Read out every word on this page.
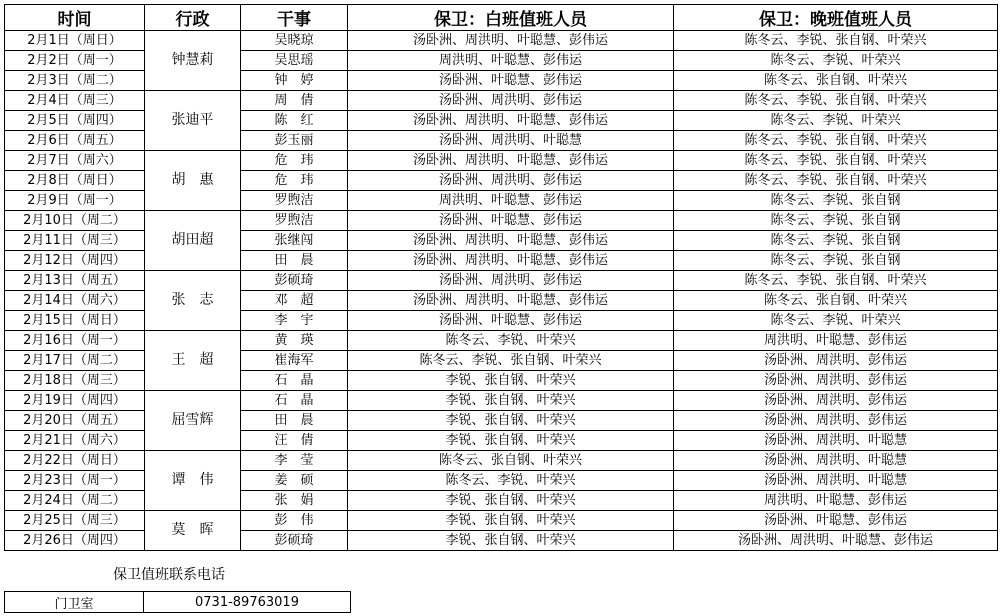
时间	行政	干事	保卫：白班值班人员	保卫：晚班值班人员
2月1日（周日）	钟慧莉	吴晓琼	汤卧洲、周洪明、叶聪慧、彭伟运	陈冬云、李锐、张自钢、叶荣兴
2月2日（周一）		吴思瑶	周洪明、叶聪慧、彭伟运	陈冬云、李锐、叶荣兴
2月3日（周二）		钟　婷	汤卧洲、叶聪慧、彭伟运	陈冬云、张自钢、叶荣兴
2月4日（周三）	张迪平	周　倩	汤卧洲、周洪明、彭伟运	陈冬云、李锐、张自钢、叶荣兴
2月5日（周四）		陈　红	汤卧洲、周洪明、叶聪慧、彭伟运	陈冬云、李锐、叶荣兴
2月6日（周五）		彭玉丽	汤卧洲、周洪明、叶聪慧	陈冬云、李锐、张自钢、叶荣兴
2月7日（周六）	胡　惠	危　玮	汤卧洲、周洪明、叶聪慧、彭伟运	陈冬云、李锐、张自钢、叶荣兴
2月8日（周日）		危　玮	汤卧洲、周洪明、彭伟运	陈冬云、李锐、张自钢、叶荣兴
2月9日（周一）		罗煦洁	周洪明、叶聪慧、彭伟运	陈冬云、李锐、张自钢
2月10日（周二）	胡田超	罗煦洁	汤卧洲、叶聪慧、彭伟运	陈冬云、李锐、张自钢
2月11日（周三）		张继闯	汤卧洲、周洪明、叶聪慧、彭伟运	陈冬云、李锐、张自钢
2月12日（周四）		田　晨	汤卧洲、周洪明、叶聪慧、彭伟运	陈冬云、李锐、张自钢
2月13日（周五）	张　志	彭硕琦	汤卧洲、周洪明、彭伟运	陈冬云、李锐、张自钢、叶荣兴
2月14日（周六）		邓　超	汤卧洲、周洪明、叶聪慧、彭伟运	陈冬云、张自钢、叶荣兴
2月15日（周日）		李　宇	汤卧洲、叶聪慧、彭伟运	陈冬云、李锐、叶荣兴
2月16日（周一）	王　超	黄　瑛	陈冬云、李锐、叶荣兴	周洪明、叶聪慧、彭伟运
2月17日（周二）		崔海军	陈冬云、李锐、张自钢、叶荣兴	汤卧洲、周洪明、彭伟运
2月18日（周三）		石　晶	李锐、张自钢、叶荣兴	汤卧洲、周洪明、彭伟运
2月19日（周四）	屈雪辉	石　晶	李锐、张自钢、叶荣兴	汤卧洲、周洪明、彭伟运
2月20日（周五）		田　晨	李锐、张自钢、叶荣兴	汤卧洲、周洪明、彭伟运
2月21日（周六）		汪　倩	李锐、张自钢、叶荣兴	汤卧洲、周洪明、叶聪慧
2月22日（周日）	谭　伟	李　莹	陈冬云、张自钢、叶荣兴	汤卧洲、周洪明、叶聪慧
2月23日（周一）		姜　硕	陈冬云、李锐、叶荣兴	汤卧洲、周洪明、叶聪慧
2月24日（周二）		张　娟	李锐、张自钢、叶荣兴	周洪明、叶聪慧、彭伟运
2月25日（周三）	莫　晖	彭　伟	李锐、张自钢、叶荣兴	汤卧洲、叶聪慧、彭伟运
2月26日（周四）		彭硕琦	李锐、张自钢、叶荣兴	汤卧洲、周洪明、叶聪慧、彭伟运
保卫值班联系电话
门卫室	0731-89763019
